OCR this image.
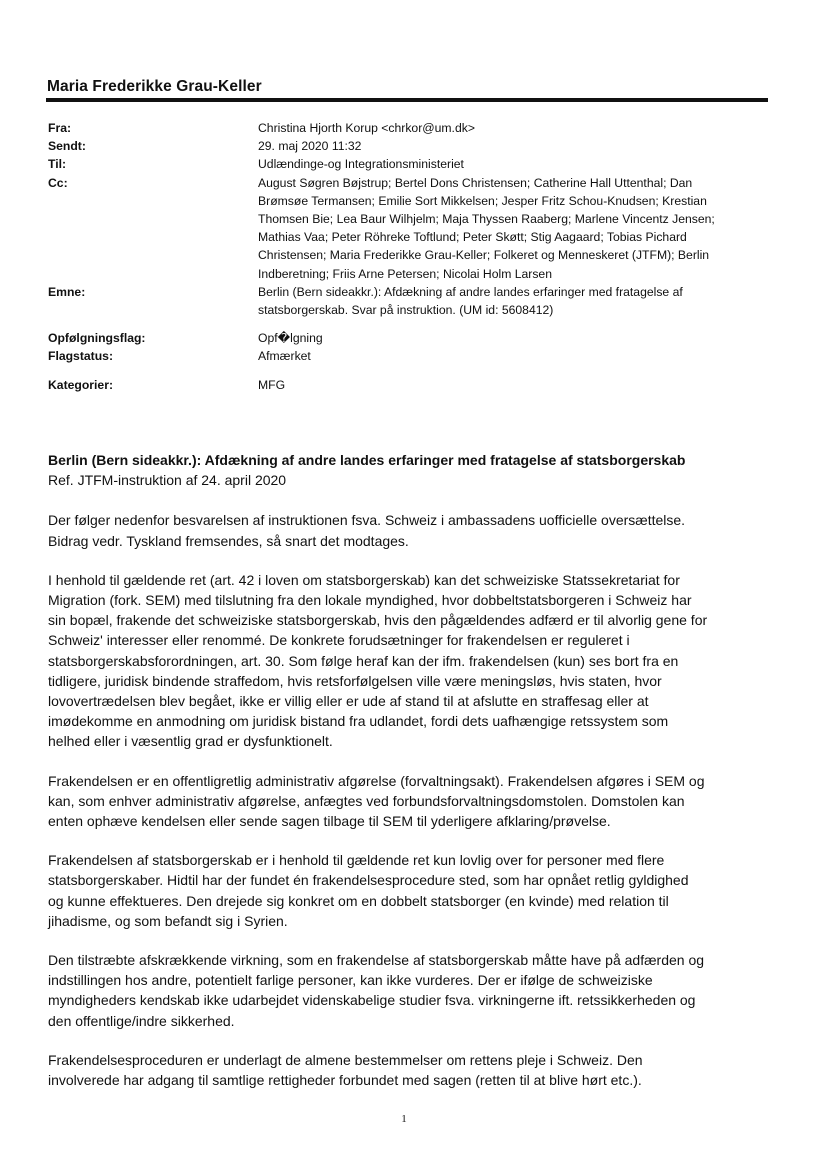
Maria Frederikke Grau-Keller
Fra:	Christina Hjorth Korup <chrkor@um.dk>
Sendt:	29. maj 2020 11:32
Til:	Udlændinge-og Integrationsministeriet
Cc:	August Søgren Bøjstrup; Bertel Dons Christensen; Catherine Hall Uttenthal; Dan
Brømsøe Termansen; Emilie Sort Mikkelsen; Jesper Fritz Schou-Knudsen; Krestian
Thomsen Bie; Lea Baur Wilhjelm; Maja Thyssen Raaberg; Marlene Vincentz Jensen;
Mathias Vaa; Peter Röhreke Toftlund; Peter Skøtt; Stig Aagaard; Tobias Pichard
Christensen; Maria Frederikke Grau-Keller; Folkeret og Menneskeret (JTFM); Berlin
Indberetning; Friis Arne Petersen; Nicolai Holm Larsen
Emne:	Berlin (Bern sideakkr.): Afdækning af andre landes erfaringer med fratagelse af
statsborgerskab. Svar på instruktion. (UM id: 5608412)
Opfølgningsflag:	Opf�lgning
Flagstatus:	Afmærket
Kategorier:	MFG

Berlin (Bern sideakkr.): Afdækning af andre landes erfaringer med fratagelse af statsborgerskab

Ref. JTFM-instruktion af 24. april 2020

Der følger nedenfor besvarelsen af instruktionen fsva. Schweiz i ambassadens uofficielle oversættelse.
Bidrag vedr. Tyskland fremsendes, så snart det modtages.
I henhold til gældende ret (art. 42 i loven om statsborgerskab) kan det schweiziske Statssekretariat for
Migration (fork. SEM) med tilslutning fra den lokale myndighed, hvor dobbeltstatsborgeren i Schweiz har
sin bopæl, frakende det schweiziske statsborgerskab, hvis den pågældendes adfærd er til alvorlig gene for
Schweiz' interesser eller renommé. De konkrete forudsætninger for frakendelsen er reguleret i
statsborgerskabsforordningen, art. 30. Som følge heraf kan der ifm. frakendelsen (kun) ses bort fra en
tidligere, juridisk bindende straffedom, hvis retsforfølgelsen ville være meningsløs, hvis staten, hvor
lovovertrædelsen blev begået, ikke er villig eller er ude af stand til at afslutte en straffesag eller at
imødekomme en anmodning om juridisk bistand fra udlandet, fordi dets uafhængige retssystem som
helhed eller i væsentlig grad er dysfunktionelt.
Frakendelsen er en offentligretlig administrativ afgørelse (forvaltningsakt). Frakendelsen afgøres i SEM og
kan, som enhver administrativ afgørelse, anfægtes ved forbundsforvaltningsdomstolen. Domstolen kan
enten ophæve kendelsen eller sende sagen tilbage til SEM til yderligere afklaring/prøvelse.
Frakendelsen af statsborgerskab er i henhold til gældende ret kun lovlig over for personer med flere
statsborgerskaber. Hidtil har der fundet én frakendelsesprocedure sted, som har opnået retlig gyldighed
og kunne effektueres. Den drejede sig konkret om en dobbelt statsborger (en kvinde) med relation til
jihadisme, og som befandt sig i Syrien.
Den tilstræbte afskrækkende virkning, som en frakendelse af statsborgerskab måtte have på adfærden og
indstillingen hos andre, potentielt farlige personer, kan ikke vurderes. Der er ifølge de schweiziske
myndigheders kendskab ikke udarbejdet videnskabelige studier fsva. virkningerne ift. retssikkerheden og
den offentlige/indre sikkerhed.
Frakendelsesproceduren er underlagt de almene bestemmelser om rettens pleje i Schweiz. Den
involverede har adgang til samtlige rettigheder forbundet med sagen (retten til at blive hørt etc.).
1
